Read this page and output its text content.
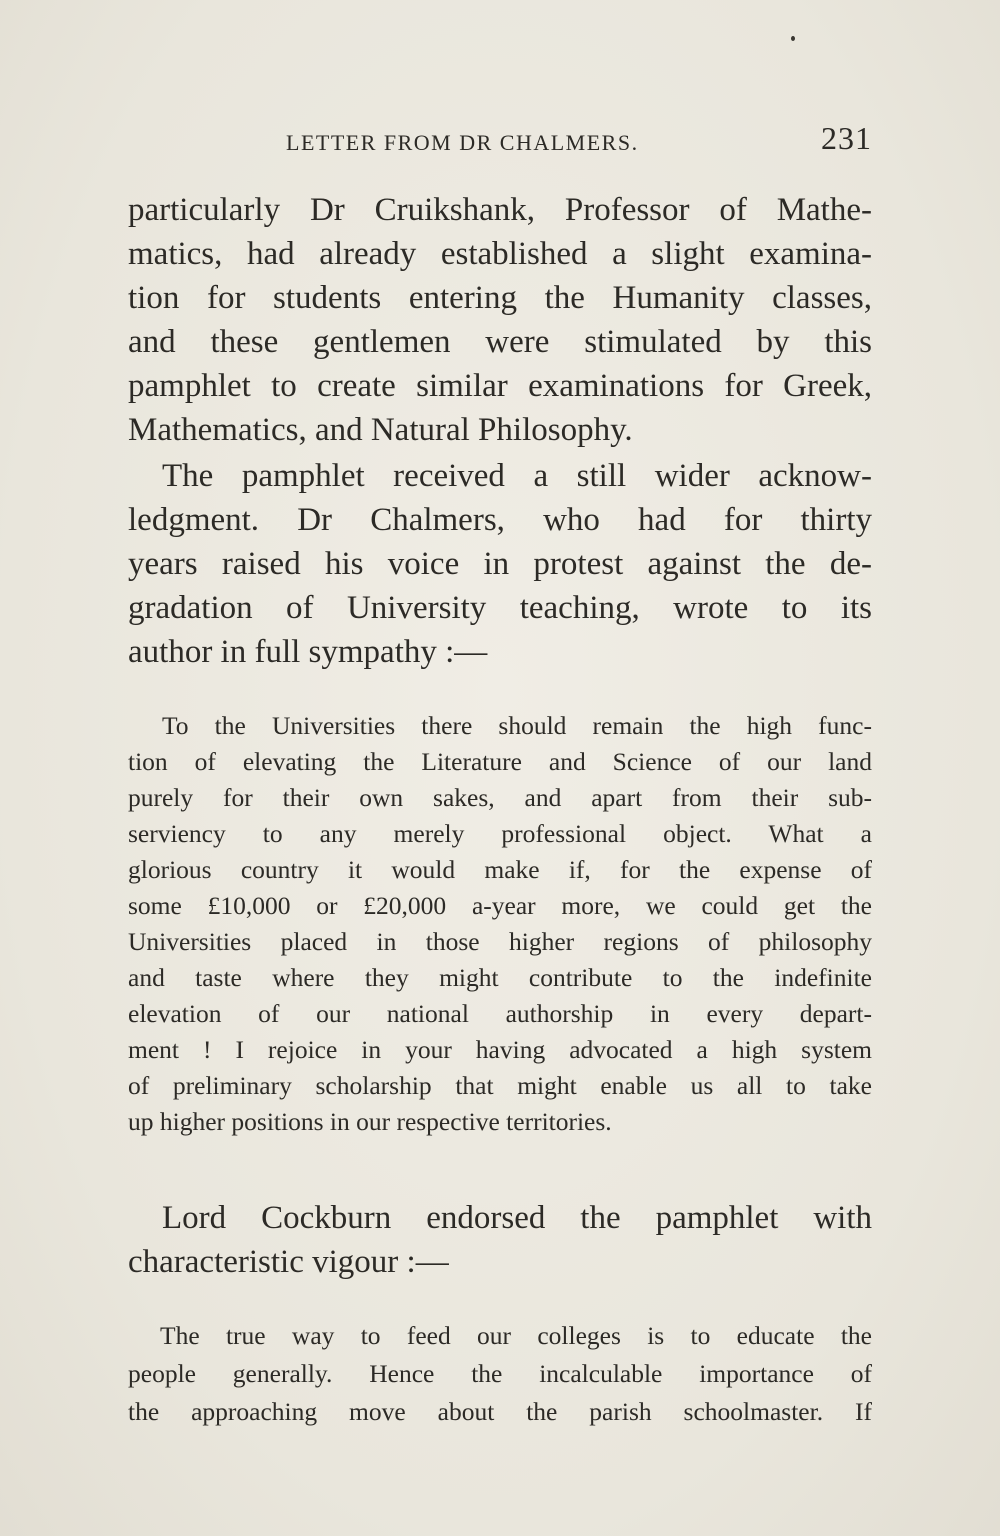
LETTER FROM DR CHALMERS.	231
particularly Dr Cruikshank, Professor of Mathe-
matics, had already established a slight examina-
tion for students entering the Humanity classes,
and these gentlemen were stimulated by this
pamphlet to create similar examinations for Greek,
Mathematics, and Natural Philosophy.
The pamphlet received a still wider acknow-
ledgment. Dr Chalmers, who had for thirty
years raised his voice in protest against the de-
gradation of University teaching, wrote to its
author in full sympathy :—
To the Universities there should remain the high func-
tion of elevating the Literature and Science of our land
purely for their own sakes, and apart from their sub-
serviency to any merely professional object. What a
glorious country it would make if, for the expense of
some £10,000 or £20,000 a-year more, we could get the
Universities placed in those higher regions of philosophy
and taste where they might contribute to the indefinite
elevation of our national authorship in every depart-
ment ! I rejoice in your having advocated a high system
of preliminary scholarship that might enable us all to take
up higher positions in our respective territories.
Lord Cockburn endorsed the pamphlet with
characteristic vigour :—
The true way to feed our colleges is to educate the
people generally. Hence the incalculable importance of
the approaching move about the parish schoolmaster. If
